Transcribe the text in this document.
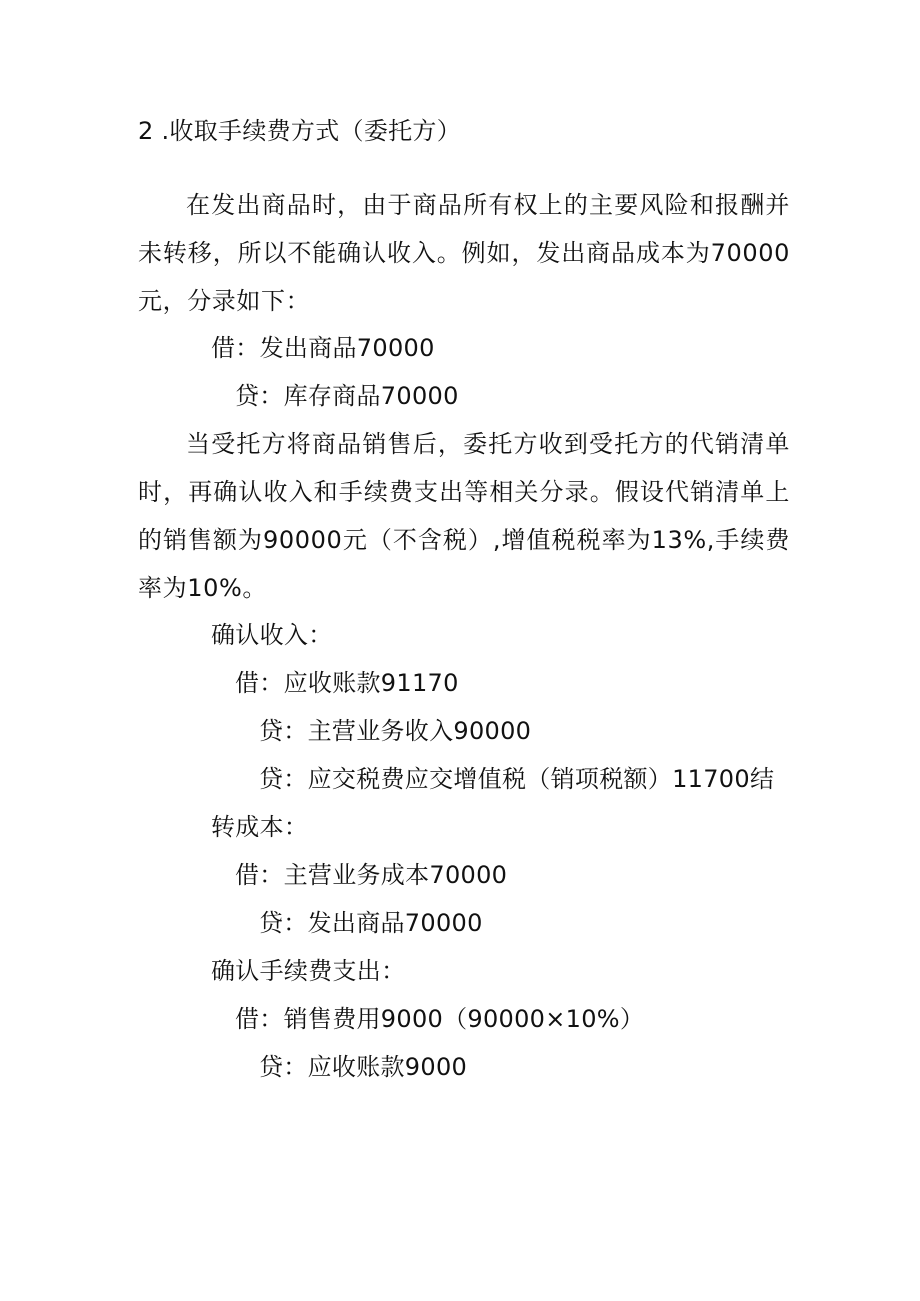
2 .收取手续费方式（委托方）
在发出商品时，由于商品所有权上的主要风险和报酬并未转移，所以不能确认收入。例如，发出商品成本为70000元，分录如下：
借：发出商品70000
贷：库存商品70000
当受托方将商品销售后，委托方收到受托方的代销清单时，再确认收入和手续费支出等相关分录。假设代销清单上的销售额为90000元（不含税）,增值税税率为13%,手续费率为10%。
确认收入：
借：应收账款91170
贷：主营业务收入90000
贷：应交税费应交增值税（销项税额）11700结
转成本：
借：主营业务成本70000
贷：发出商品70000
确认手续费支出：
借：销售费用9000（90000×10%）
贷：应收账款9000
